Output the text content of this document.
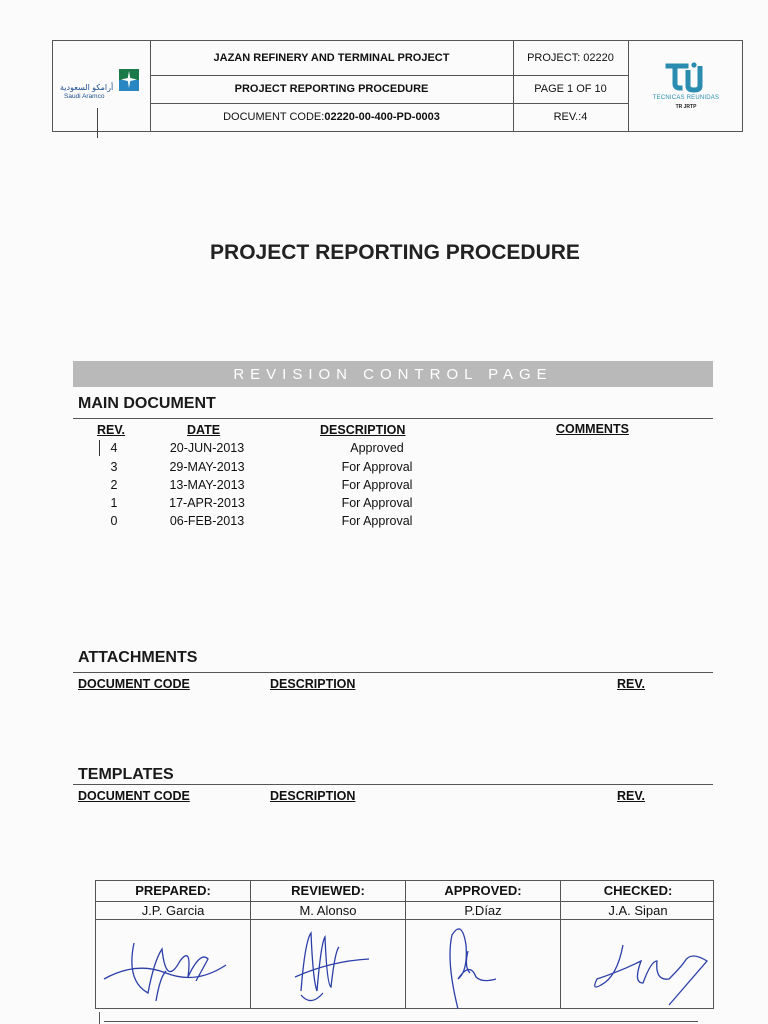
JAZAN REFINERY AND TERMINAL PROJECT	PROJECT: 02220
PROJECT REPORTING PROCEDURE	PAGE 1 OF 10
DOCUMENT CODE: 02220-00-400-PD-0003	REV.:4
أرامكو السعودية
Saudi Aramco	TECNICAS REUNIDAS
TR JRTP
PROJECT REPORTING PROCEDURE
REVISION CONTROL PAGE
MAIN DOCUMENT
REV.	DATE	DESCRIPTION	COMMENTS
4	20-JUN-2013	Approved
3	29-MAY-2013	For Approval
2	13-MAY-2013	For Approval
1	17-APR-2013	For Approval
0	06-FEB-2013	For Approval
ATTACHMENTS
DOCUMENT CODE	DESCRIPTION	REV.
TEMPLATES
DOCUMENT CODE	DESCRIPTION	REV.
PREPARED:	REVIEWED:	APPROVED:	CHECKED:
J.P. Garcia	M. Alonso	P.Díaz	J.A. Sipan
